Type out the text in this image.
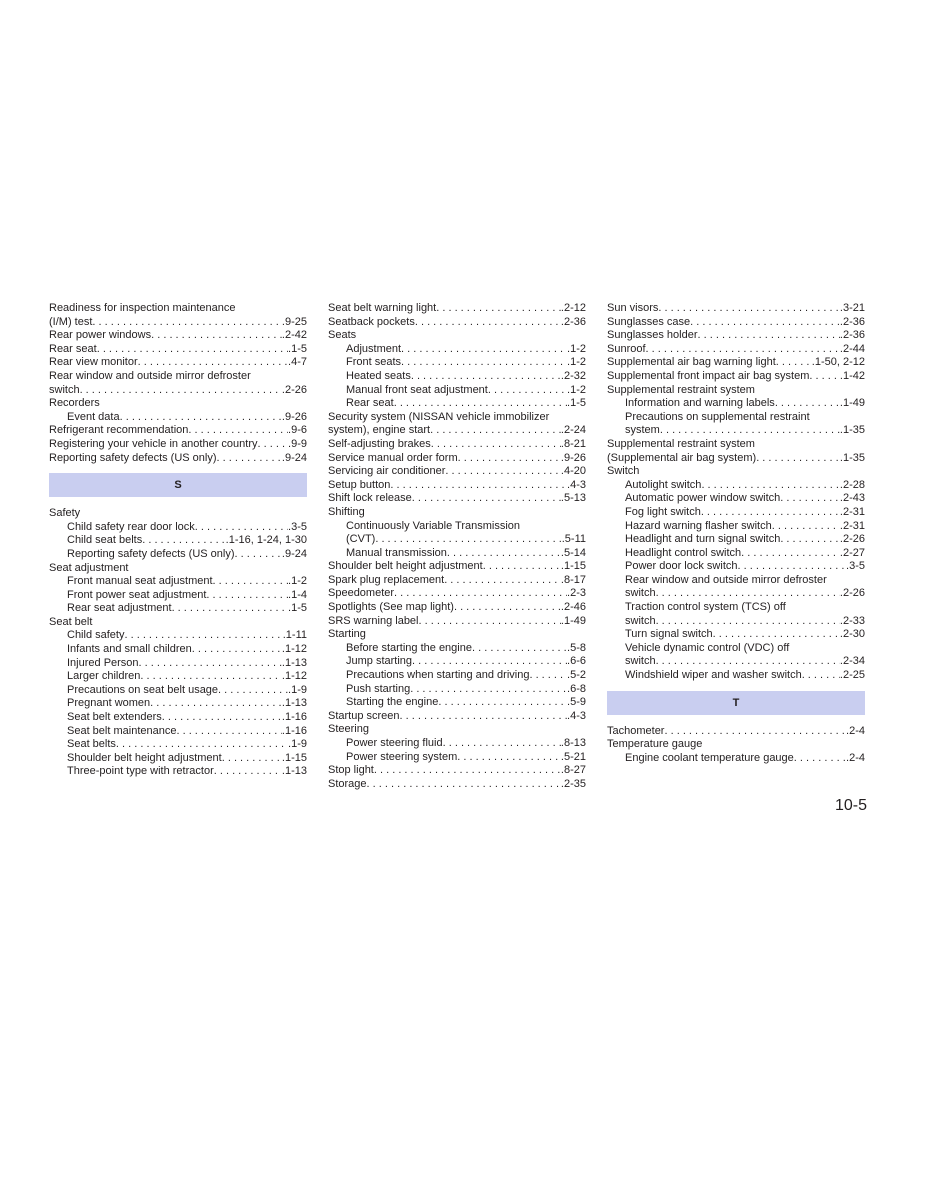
Readiness for inspection maintenance
(I/M) test . . .	.9-25
Rear power windows . . .	.2-42
Rear seat . . .	.1-5
Rear view monitor . . .	.4-7
Rear window and outside mirror defroster
switch . . .	.2-26
Recorders
Event data . . .	.9-26
Refrigerant recommendation . . .	.9-6
Registering your vehicle in another country . . .	.9-9
Reporting safety defects (US only) . . .	.9-24
S
Safety
Child safety rear door lock . . .	.3-5
Child seat belts . . .	.1-16, 1-24, 1-30
Reporting safety defects (US only) . . .	.9-24
Seat adjustment
Front manual seat adjustment . . .	.1-2
Front power seat adjustment . . .	.1-4
Rear seat adjustment . . .	.1-5
Seat belt
Child safety . . .	.1-11
Infants and small children . . .	.1-12
Injured Person . . .	.1-13
Larger children . . .	.1-12
Precautions on seat belt usage . . .	.1-9
Pregnant women . . .	.1-13
Seat belt extenders . . .	.1-16
Seat belt maintenance . . .	.1-16
Seat belts . . .	.1-9
Shoulder belt height adjustment . . .	.1-15
Three-point type with retractor . . .	.1-13
Seat belt warning light . . .	.2-12
Seatback pockets . . .	.2-36
Seats
Adjustment . . .	.1-2
Front seats . . .	.1-2
Heated seats . . .	.2-32
Manual front seat adjustment . . .	.1-2
Rear seat . . .	.1-5
Security system (NISSAN vehicle immobilizer
system), engine start . . .	.2-24
Self-adjusting brakes . . .	.8-21
Service manual order form . . .	.9-26
Servicing air conditioner . . .	.4-20
Setup button . . .	.4-3
Shift lock release . . .	.5-13
Shifting
Continuously Variable Transmission
(CVT) . . .	.5-11
Manual transmission . . .	.5-14
Shoulder belt height adjustment . . .	.1-15
Spark plug replacement . . .	.8-17
Speedometer . . .	.2-3
Spotlights (See map light) . . .	.2-46
SRS warning label . . .	.1-49
Starting
Before starting the engine . . .	.5-8
Jump starting . . .	.6-6
Precautions when starting and driving . . .	.5-2
Push starting . . .	.6-8
Starting the engine . . .	.5-9
Startup screen . . .	.4-3
Steering
Power steering fluid . . .	.8-13
Power steering system . . .	.5-21
Stop light . . .	.8-27
Storage . . .	.2-35
Sun visors . . .	.3-21
Sunglasses case . . .	.2-36
Sunglasses holder . . .	.2-36
Sunroof . . .	.2-44
Supplemental air bag warning light . . .	.1-50, 2-12
Supplemental front impact air bag system . . .	.1-42
Supplemental restraint system
Information and warning labels . . .	.1-49
Precautions on supplemental restraint
system . . .	.1-35
Supplemental restraint system
(Supplemental air bag system) . . .	.1-35
Switch
Autolight switch . . .	.2-28
Automatic power window switch . . .	.2-43
Fog light switch . . .	.2-31
Hazard warning flasher switch . . .	.2-31
Headlight and turn signal switch . . .	.2-26
Headlight control switch . . .	.2-27
Power door lock switch . . .	.3-5
Rear window and outside mirror defroster
switch . . .	.2-26
Traction control system (TCS) off
switch . . .	.2-33
Turn signal switch . . .	.2-30
Vehicle dynamic control (VDC) off
switch . . .	.2-34
Windshield wiper and washer switch . . .	.2-25
T
Tachometer . . .	.2-4
Temperature gauge
Engine coolant temperature gauge . . .	.2-4
10-5
